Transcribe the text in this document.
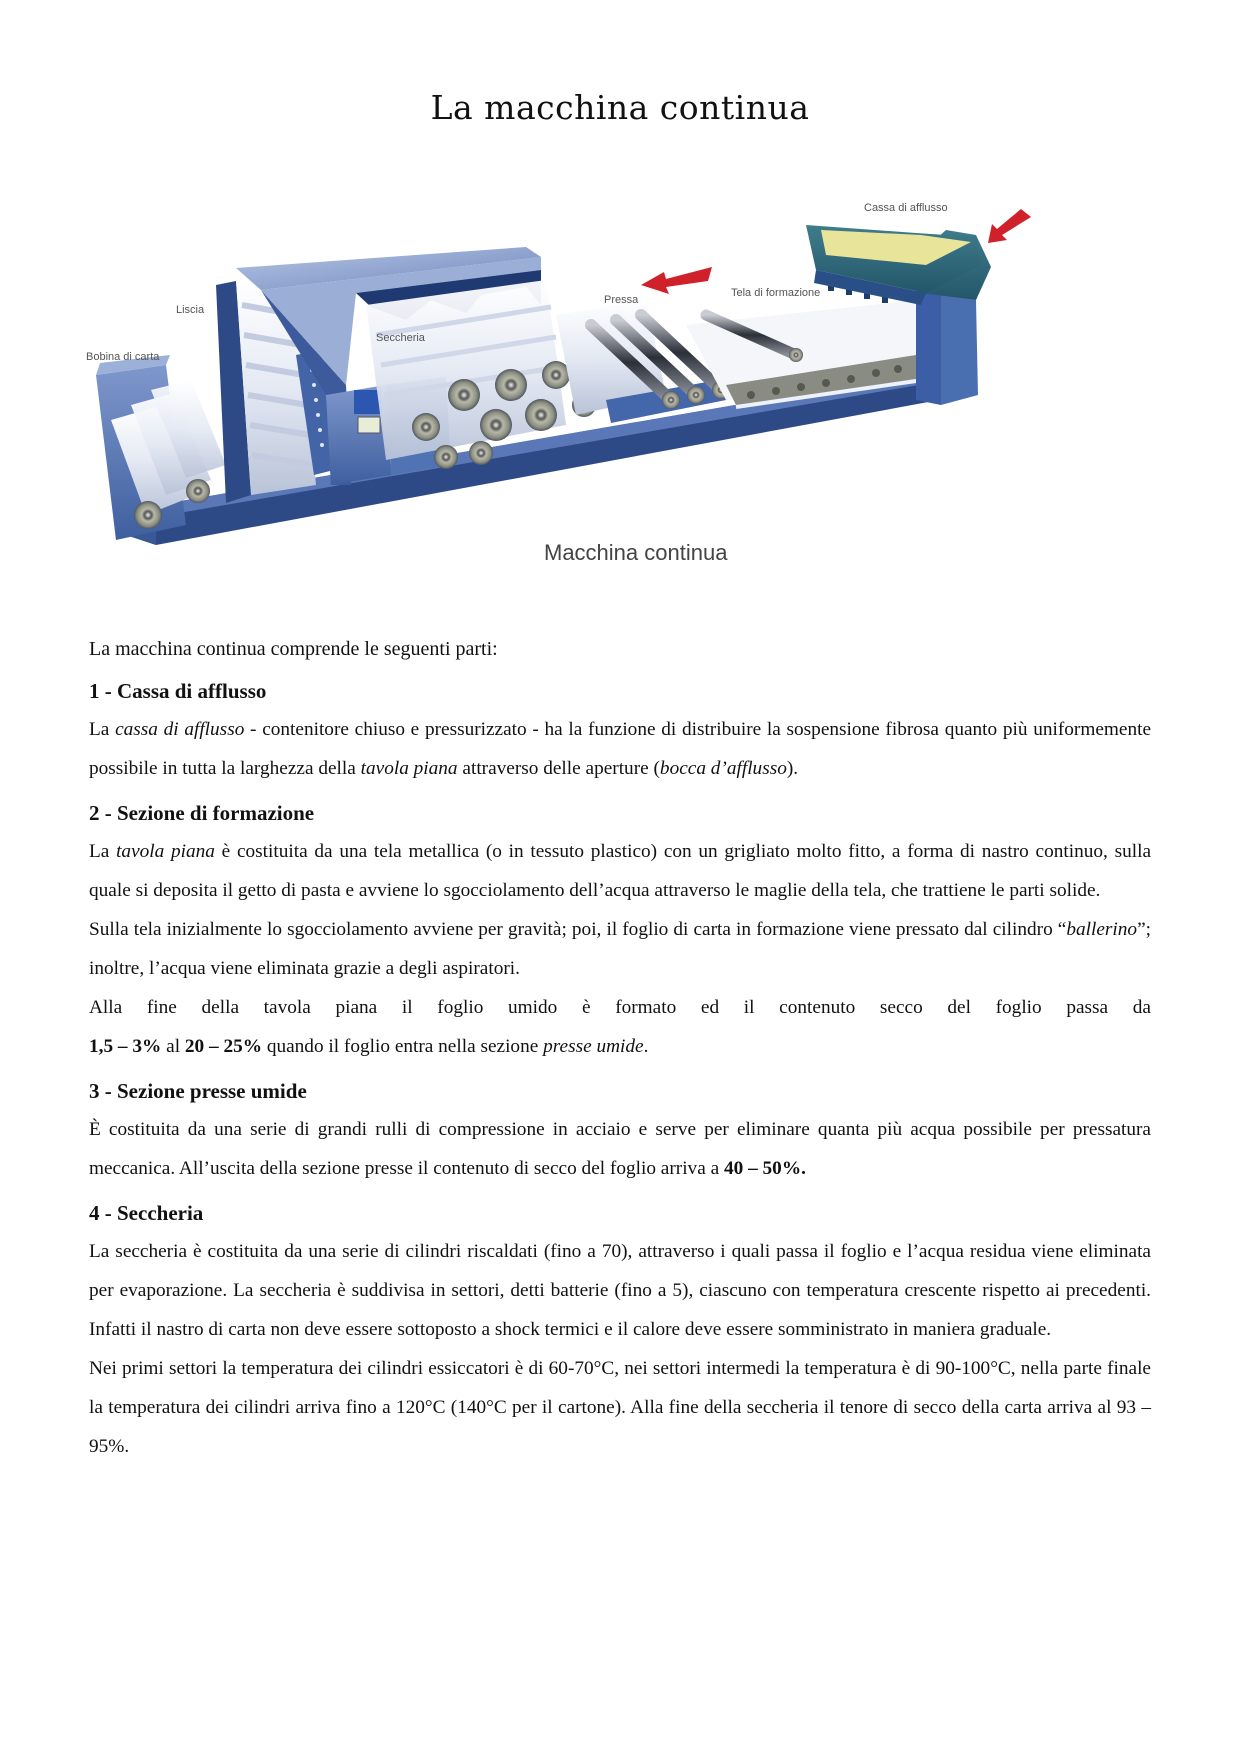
La macchina continua
Cassa di afflusso
Tela di formazione
Pressa
Seccheria
Liscia
Bobina di carta
Macchina continua

La macchina continua comprende le seguenti parti:

1 - Cassa di afflusso

La cassa di afflusso - contenitore chiuso e pressurizzato - ha la funzione di distribuire la sospensione fibrosa quanto più uniformemente possibile in tutta la larghezza della tavola piana attraverso delle aperture (bocca d’afflusso).

2 - Sezione di formazione

La tavola piana è costituita da una tela metallica (o in tessuto plastico) con un grigliato molto fitto, a forma di nastro continuo, sulla quale si deposita il getto di pasta e avviene lo sgocciolamento dell’acqua attraverso le maglie della tela, che trattiene le parti solide.

Sulla tela inizialmente lo sgocciolamento avviene per gravità; poi, il foglio di carta in formazione viene pressato dal cilindro “ballerino”; inoltre, l’acqua viene eliminata grazie a degli aspiratori.

Alla fine della tavola piana il foglio umido è formato ed il contenuto secco del foglio passa da

1,5 – 3% al 20 – 25% quando il foglio entra nella sezione presse umide.

3 - Sezione presse umide

È costituita da una serie di grandi rulli di compressione in acciaio e serve per eliminare quanta più acqua possibile per pressatura meccanica. All’uscita della sezione presse il contenuto di secco del foglio arriva a 40 – 50%.

4 - Seccheria

La seccheria è costituita da una serie di cilindri riscaldati (fino a 70), attraverso i quali passa il foglio e l’acqua residua viene eliminata per evaporazione. La seccheria è suddivisa in settori, detti batterie (fino a 5), ciascuno con temperatura crescente rispetto ai precedenti. Infatti il nastro di carta non deve essere sottoposto a shock termici e il calore deve essere somministrato in maniera graduale.

Nei primi settori la temperatura dei cilindri essiccatori è di 60-70°C, nei settori intermedi la temperatura è di 90-100°C, nella parte finale la temperatura dei cilindri arriva fino a 120°C (140°C per il cartone). Alla fine della seccheria il tenore di secco della carta arriva al 93 – 95%.
